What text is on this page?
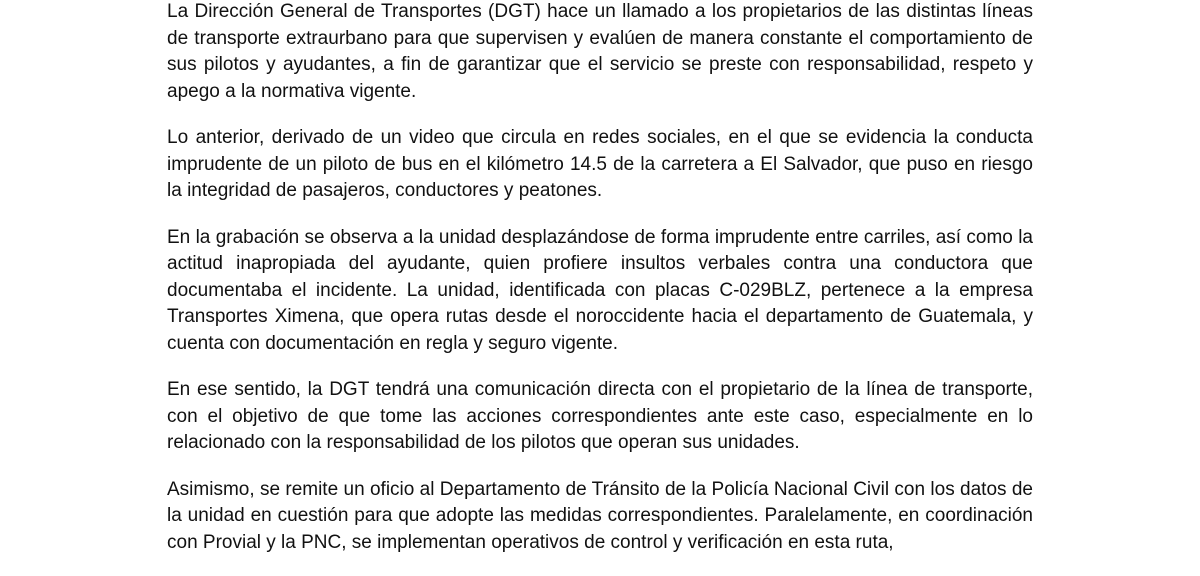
La Dirección General de Transportes (DGT) hace un llamado a los propietarios de las distintas líneas de transporte extraurbano para que supervisen y evalúen de manera constante el comportamiento de sus pilotos y ayudantes, a fin de garantizar que el servicio se preste con responsabilidad, respeto y apego a la normativa vigente.

Lo anterior, derivado de un video que circula en redes sociales, en el que se evidencia la conducta imprudente de un piloto de bus en el kilómetro 14.5 de la carretera a El Salvador, que puso en riesgo la integridad de pasajeros, conductores y peatones.

En la grabación se observa a la unidad desplazándose de forma imprudente entre carriles, así como la actitud inapropiada del ayudante, quien profiere insultos verbales contra una conductora que documentaba el incidente. La unidad, identificada con placas C-029BLZ, pertenece a la empresa Transportes Ximena, que opera rutas desde el noroccidente hacia el departamento de Guatemala, y cuenta con documentación en regla y seguro vigente.

En ese sentido, la DGT tendrá una comunicación directa con el propietario de la línea de transporte, con el objetivo de que tome las acciones correspondientes ante este caso, especialmente en lo relacionado con la responsabilidad de los pilotos que operan sus unidades.

Asimismo, se remite un oficio al Departamento de Tránsito de la Policía Nacional Civil con los datos de la unidad en cuestión para que adopte las medidas correspondientes. Paralelamente, en coordinación con Provial y la PNC, se implementan operativos de control y verificación en esta ruta,
